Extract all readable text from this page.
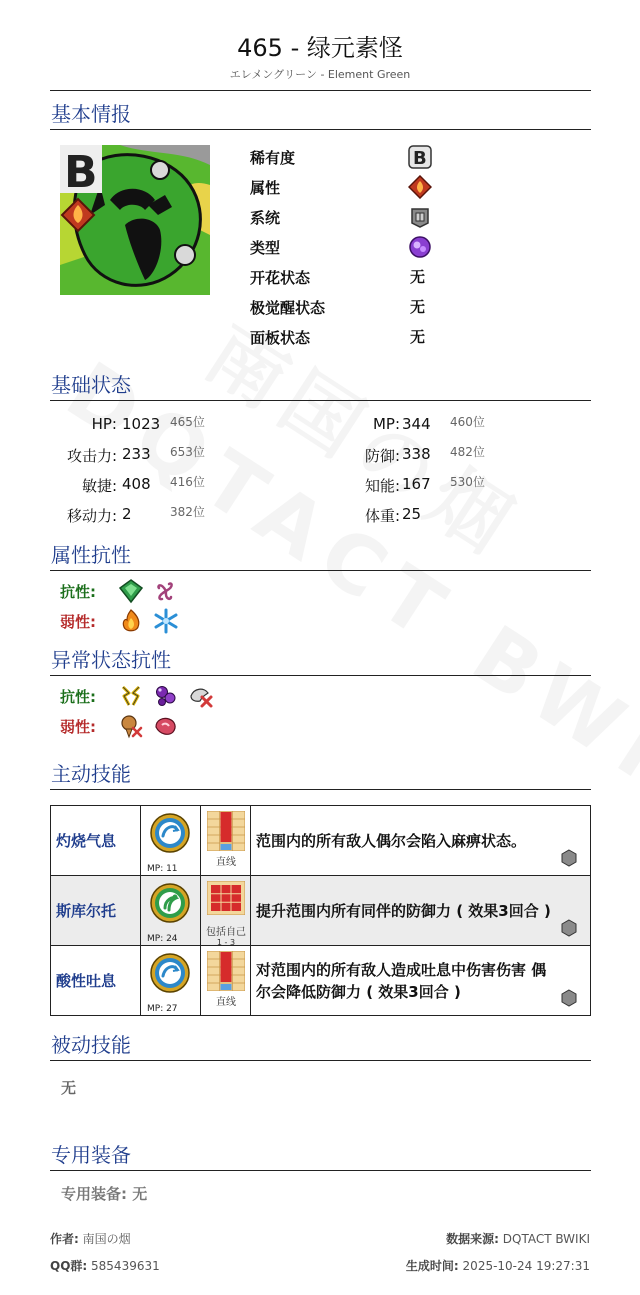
465 - 绿元素怪
エレメングリーン - Element Green
基本情报
B	稀有度	B
属性
系统
类型
开花状态	无
极觉醒状态	无
面板状态	无
基础状态
HP: 1023 465位	MP: 344 460位
攻击力: 233 653位	防御: 338 482位
敏捷: 408 416位	知能: 167 530位
移动力: 2	382位	体重: 25
属性抗性
抗性:
弱性:
异常状态抗性
抗性:
弱性:
主动技能
灼烧气息	MP: 11	直线	范围内的所有敌人偶尔会陷入麻痹状态。

斯库尔托	MP: 24	包括自己
1 - 3	提升范围内所有同伴的防御力 ( 效果3回合 )

酸性吐息	MP: 27	直线	对范围内的所有敌人造成吐息中伤害伤害 偶尔会降低防御力 ( 效果3回合 )
被动技能
无
专用装备
专用装备: 无
作者: 南国の烟
QQ群: 585439631
数据来源: DQTACT BWIKI
生成时间: 2025-10-24 19:27:31
